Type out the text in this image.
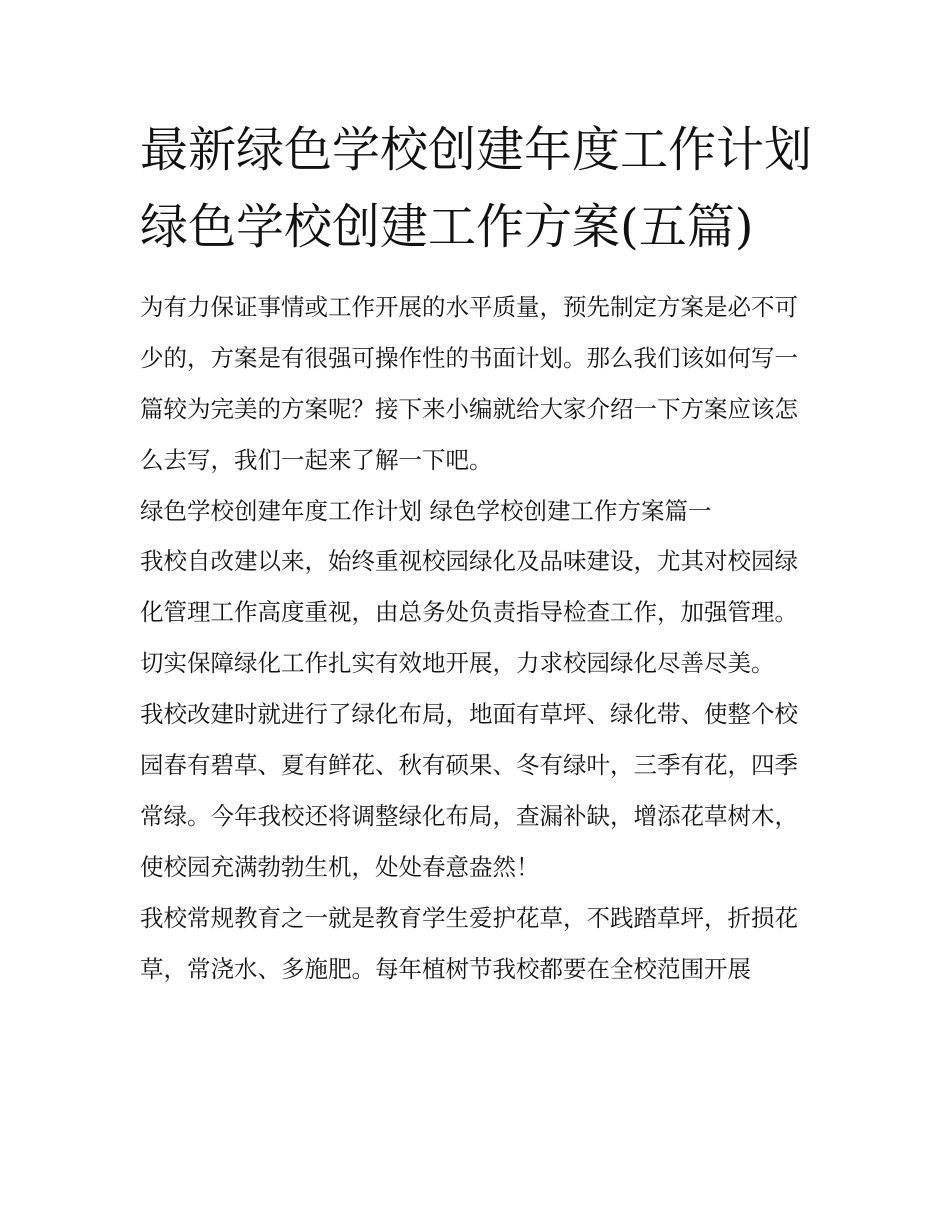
最新绿色学校创建年度工作计划 绿色学校创建工作方案(五篇)

为有力保证事情或工作开展的水平质量，预先制定方案是必不可少的，方案是有很强可操作性的书面计划。那么我们该如何写一篇较为完美的方案呢？接下来小编就给大家介绍一下方案应该怎么去写，我们一起来了解一下吧。

绿色学校创建年度工作计划 绿色学校创建工作方案篇一

我校自改建以来，始终重视校园绿化及品味建设，尤其对校园绿化管理工作高度重视，由总务处负责指导检查工作，加强管理。切实保障绿化工作扎实有效地开展，力求校园绿化尽善尽美。

我校改建时就进行了绿化布局，地面有草坪、绿化带、使整个校园春有碧草、夏有鲜花、秋有硕果、冬有绿叶，三季有花，四季常绿。今年我校还将调整绿化布局，查漏补缺，增添花草树木，使校园充满勃勃生机，处处春意盎然！

我校常规教育之一就是教育学生爱护花草，不践踏草坪，折损花草，常浇水、多施肥。每年植树节我校都要在全校范围开展
